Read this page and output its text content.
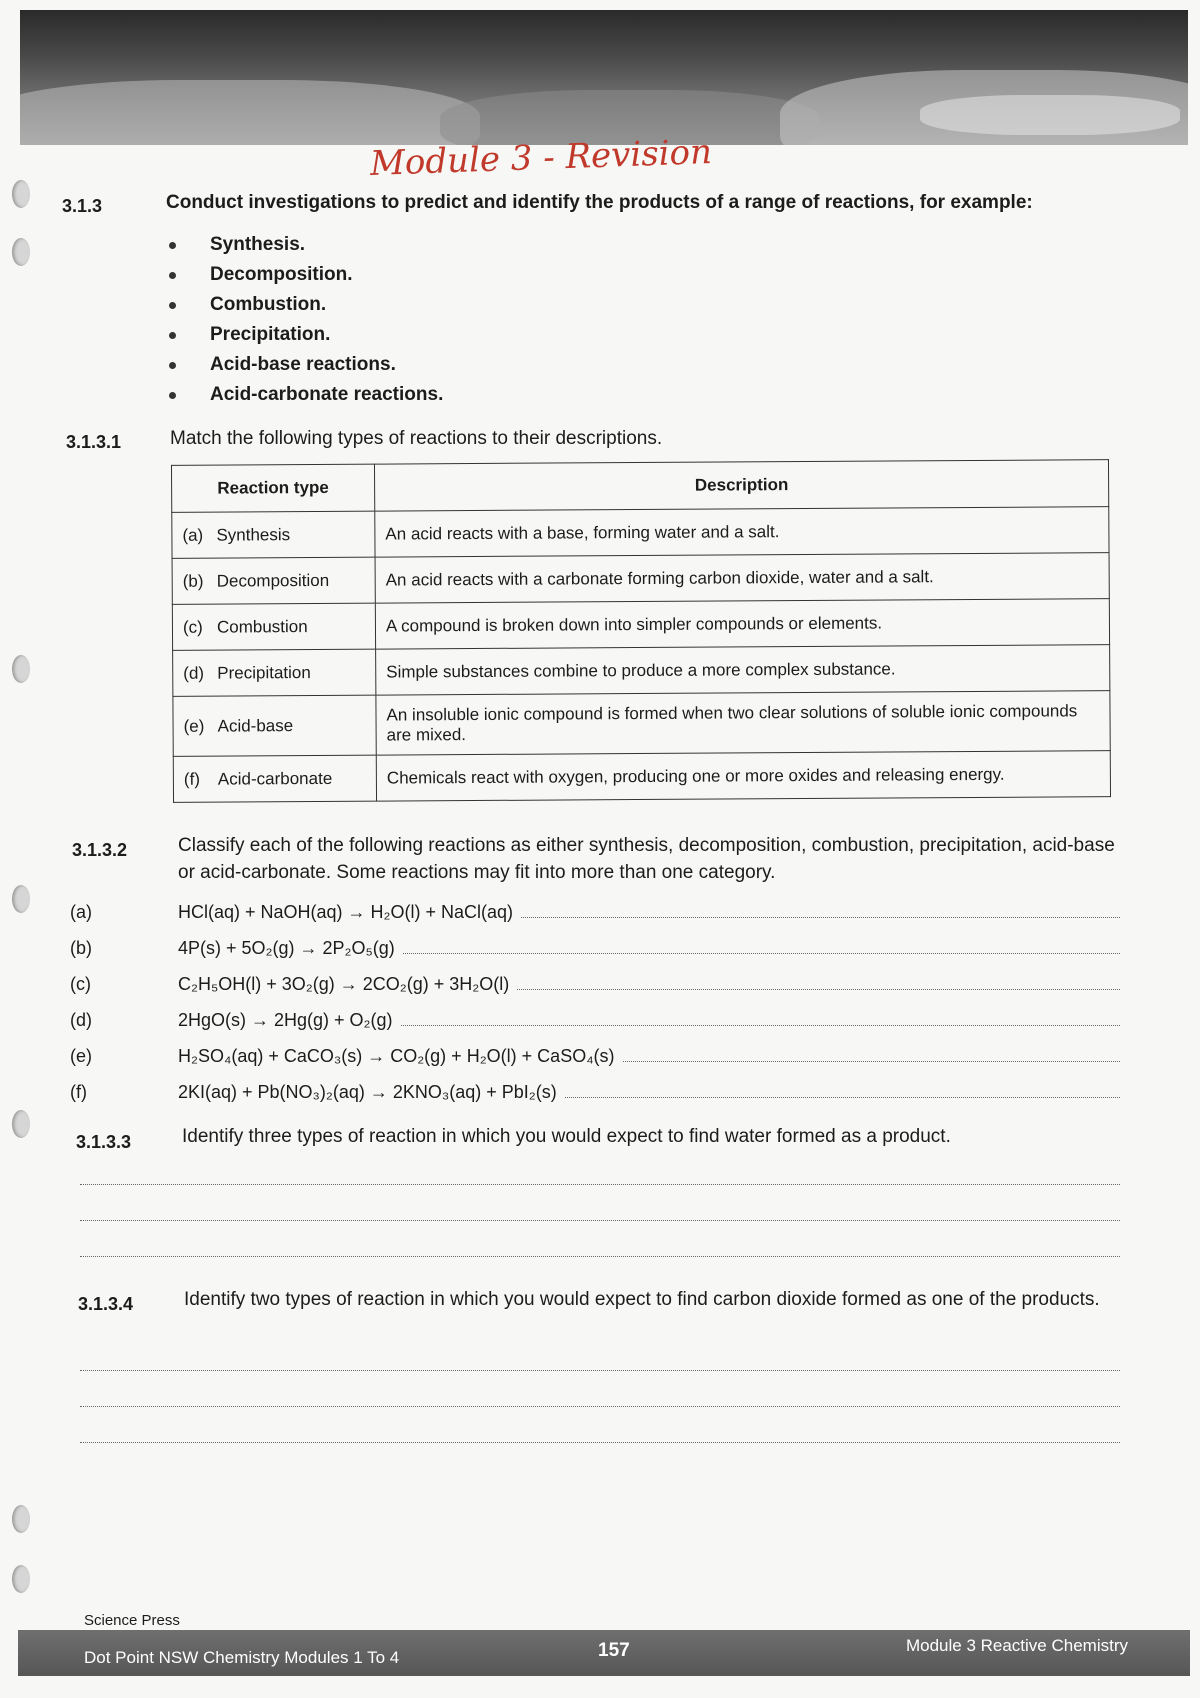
Module 3 - Revision
3.1.3	Conduct investigations to predict and identify the products of a range of reactions, for example:
Synthesis.
Decomposition.
Combustion.
Precipitation.
Acid-base reactions.
Acid-carbonate reactions.
3.1.3.1	Match the following types of reactions to their descriptions.
Reaction type	Description
(a) Synthesis	An acid reacts with a base, forming water and a salt.
(b) Decomposition	An acid reacts with a carbonate forming carbon dioxide, water and a salt.
(c) Combustion	A compound is broken down into simpler compounds or elements.
(d) Precipitation	Simple substances combine to produce a more complex substance.
(e) Acid-base	An insoluble ionic compound is formed when two clear solutions of soluble ionic compounds are mixed.
(f) Acid-carbonate	Chemicals react with oxygen, producing one or more oxides and releasing energy.
3.1.3.2	Classify each of the following reactions as either synthesis, decomposition, combustion, precipitation, acid-base or acid-carbonate. Some reactions may fit into more than one category.
(a)	HCl(aq) + NaOH(aq) → H₂O(l) + NaCl(aq)
(b)	4P(s) + 5O₂(g) → 2P₂O₅(g)
(c)	C₂H₅OH(l) + 3O₂(g) → 2CO₂(g) + 3H₂O(l)
(d)	2HgO(s) → 2Hg(g) + O₂(g)
(e)	H₂SO₄(aq) + CaCO₃(s) → CO₂(g) + H₂O(l) + CaSO₄(s)
(f)	2KI(aq) + Pb(NO₃)₂(aq) → 2KNO₃(aq) + PbI₂(s)
3.1.3.3	Identify three types of reaction in which you would expect to find water formed as a product.
3.1.3.4	Identify two types of reaction in which you would expect to find carbon dioxide formed as one of the products.
Science Press
Dot Point NSW Chemistry Modules 1 To 4	157	Module 3 Reactive Chemistry
